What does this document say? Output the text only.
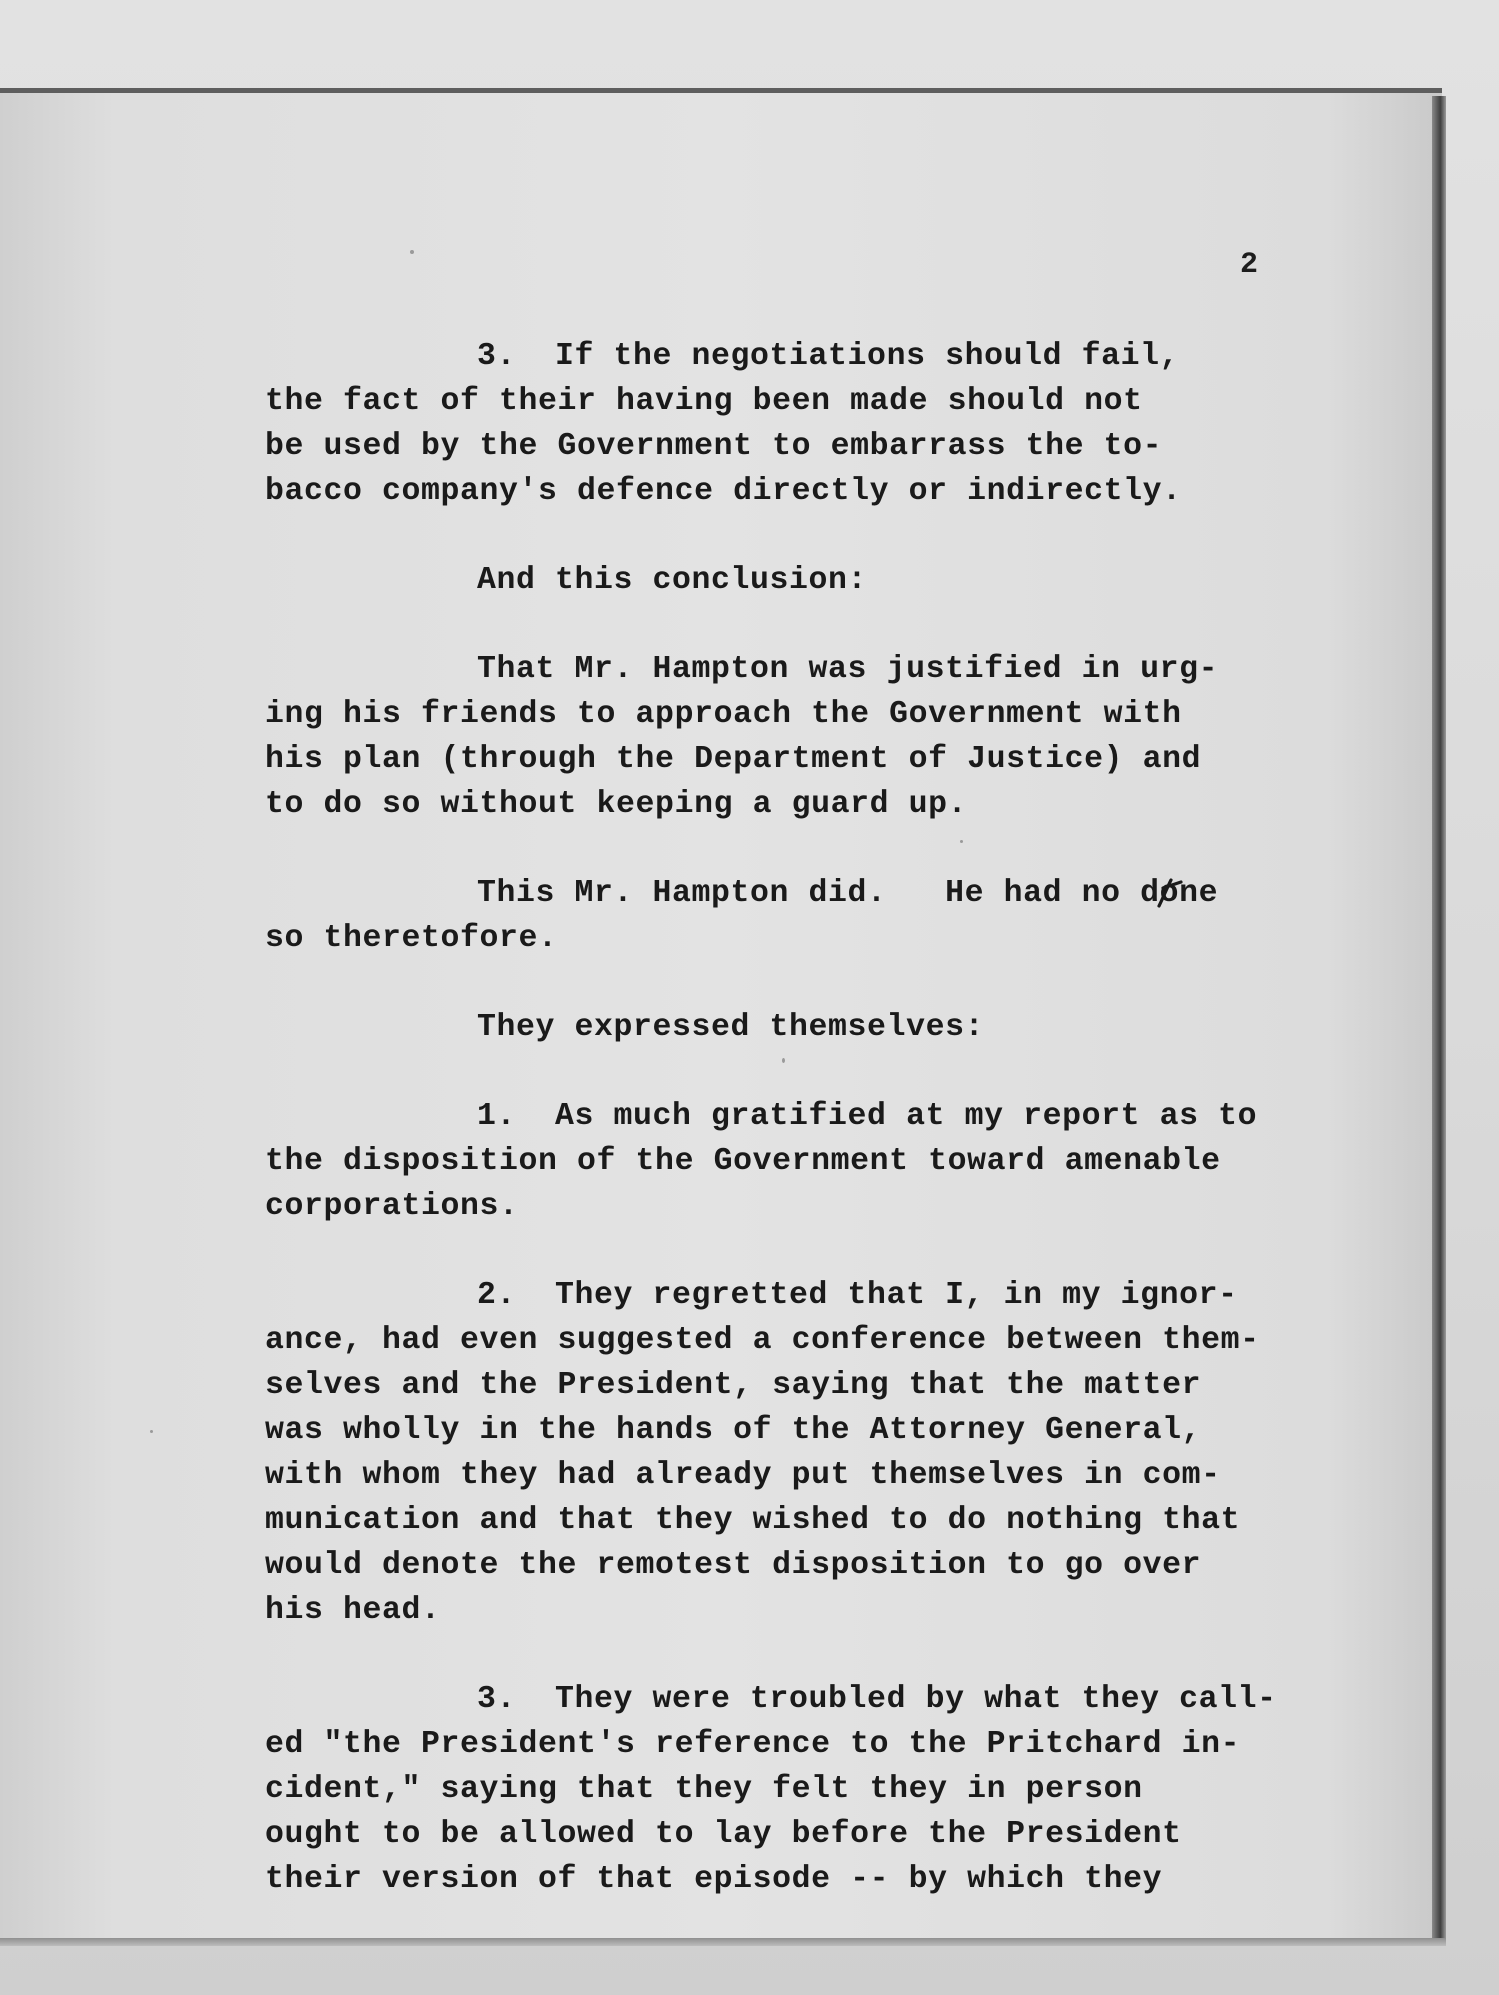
2
3.  If the negotiations should fail,
the fact of their having been made should not
be used by the Government to embarrass the to-
bacco company's defence directly or indirectly.
And this conclusion:
That Mr. Hampton was justified in urg-
ing his friends to approach the Government with
his plan (through the Department of Justice) and
to do so without keeping a guard up.
This Mr. Hampton did.   He had no done
so theretofore.
They expressed themselves:
1.  As much gratified at my report as to
the disposition of the Government toward amenable
corporations.
2.  They regretted that I, in my ignor-
ance, had even suggested a conference between them-
selves and the President, saying that the matter
was wholly in the hands of the Attorney General,
with whom they had already put themselves in com-
munication and that they wished to do nothing that
would denote the remotest disposition to go over
his head.
3.  They were troubled by what they call-
ed "the President's reference to the Pritchard in-
cident," saying that they felt they in person
ought to be allowed to lay before the President
their version of that episode -- by which they
